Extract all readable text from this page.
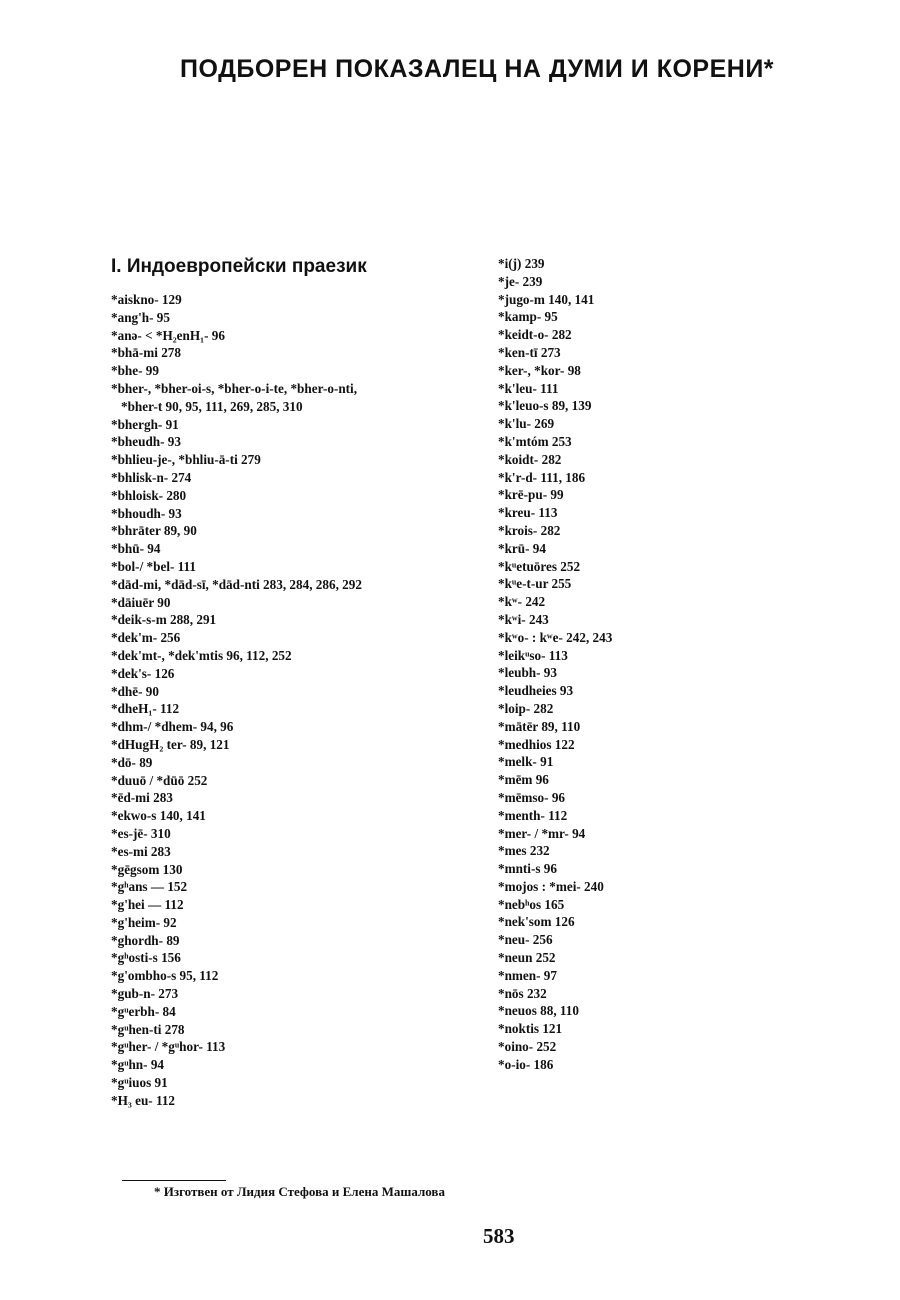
ПОДБОРЕН ПОКАЗАЛЕЦ НА ДУМИ И КОРЕНИ*
I. Индоевропейски праезик
*aiskno- 129
*ang'h- 95
*anə- < *H₂enH₁- 96
*bhā-mi 278
*bhe- 99
*bher-, *bher-oi-s, *bher-o-i-te, *bher-o-nti,
*bher-t 90, 95, 111, 269, 285, 310
*bhergh- 91
*bheudh- 93
*bhlieu-je-, *bhliu-ā-ti 279
*bhlisk-n- 274
*bhloisk- 280
*bhoudh- 93
*bhrāter 89, 90
*bhū- 94
*bol-/ *bel- 111
*dād-mi, *dād-sī, *dād-nti 283, 284, 286, 292
*dāiuēr 90
*deik-s-m 288, 291
*dek'm- 256
*dek'mt-, *dek'mtis 96, 112, 252
*dek's- 126
*dhē- 90
*dheH₁- 112
*dhm-/ *dhem- 94, 96
*dHugH₂ ter- 89, 121
*dō- 89
*duuō / *dūō 252
*ēd-mi 283
*ekwo-s 140, 141
*es-jē- 310
*es-mi 283
*gēgsom 130
*gʰans — 152
*g'hei — 112
*g'heim- 92
*ghordh- 89
*gʰosti-s 156
*g'ombho-s 95, 112
*gub-n- 273
*gᵘerbh- 84
*gᵘhen-ti 278
*gᵘher- / *gᵘhor- 113
*gᵘhn- 94
*gᵘiuos 91
*H₃ eu- 112
*i(j) 239
*je- 239
*jugo-m 140, 141
*kamp- 95
*keidt-o- 282
*ken-tī 273
*ker-, *kor- 98
*k'leu- 111
*k'leuo-s 89, 139
*k'lu- 269
*k'mtóm 253
*koidt- 282
*k'r-d- 111, 186
*krē-pu- 99
*kreu- 113
*krois- 282
*krū- 94
*kᵘetuōres 252
*kᵘe-t-ur 255
*kʷ- 242
*kʷi- 243
*kʷo- : kʷe- 242, 243
*leikᵘso- 113
*leubh- 93
*leudheies 93
*loip- 282
*mātēr 89, 110
*medhios 122
*melk- 91
*mēm 96
*mēmso- 96
*menth- 112
*mer- / *mr- 94
*mes 232
*mnti-s 96
*mojos : *mei- 240
*nebʰos 165
*nek'som 126
*neu- 256
*neun 252
*nmen- 97
*nōs 232
*neuos 88, 110
*noktis 121
*oino- 252
*o-io- 186
* Изготвен от Лидия Стефова и Елена Машалова
583
